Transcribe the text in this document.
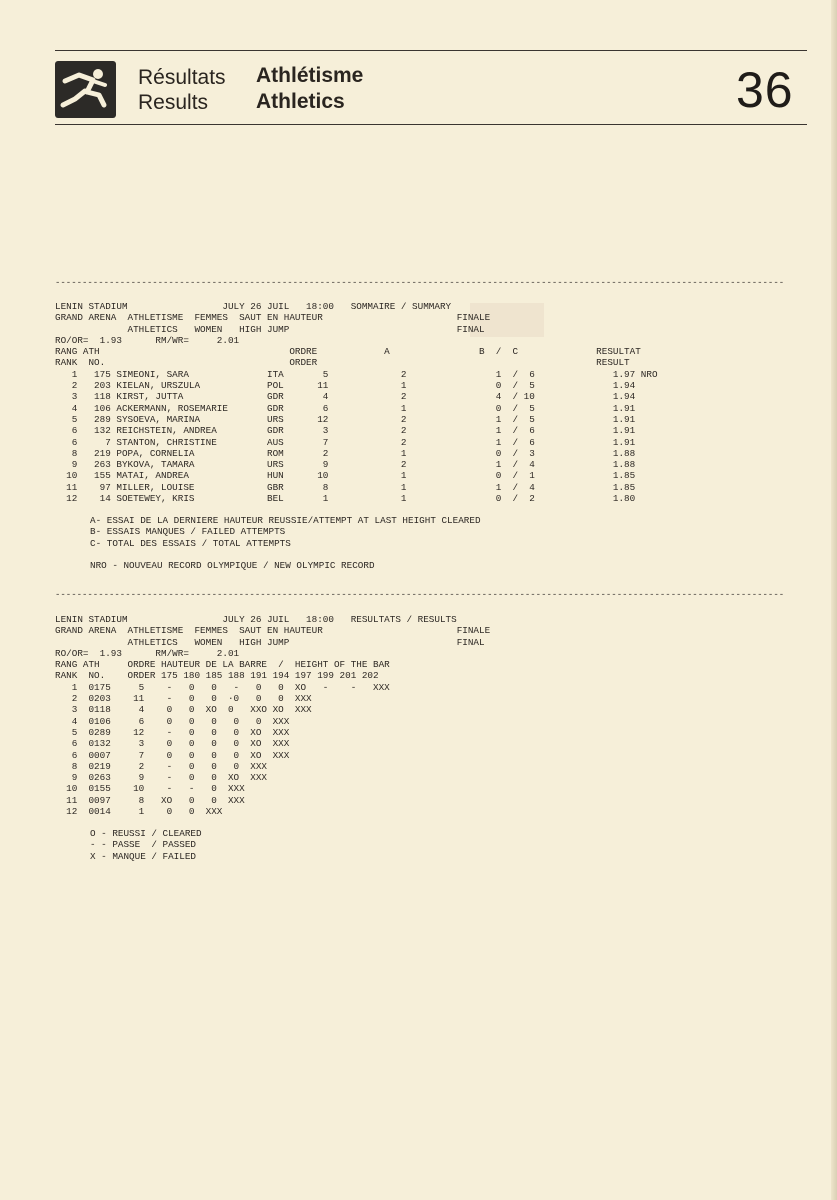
Résultats
Results
Athlétisme
Athletics	36
---------------------------------------------------------------------------------------------------------------------------------------
LENIN STADIUM                 JULY 26 JUIL   18:00   SOMMAIRE / SUMMARY
GRAND ARENA  ATHLETISME  FEMMES  SAUT EN HAUTEUR                        FINALE
ATHLETICS   WOMEN   HIGH JUMP                              FINAL
RO/OR=  1.93      RM/WR=     2.01
RANG ATH                                  ORDRE            A                B  /  C              RESULTAT
RANK  NO.                                 ORDER                                                  RESULT
1   175 SIMEONI, SARA              ITA       5             2                1  /  6              1.97 NRO
2   203 KIELAN, URSZULA            POL      11             1                0  /  5              1.94
3   118 KIRST, JUTTA               GDR       4             2                4  / 10              1.94
4   106 ACKERMANN, ROSEMARIE       GDR       6             1                0  /  5              1.91
5   289 SYSOEVA, MARINA            URS      12             2                1  /  5              1.91
6   132 REICHSTEIN, ANDREA         GDR       3             2                1  /  6              1.91
6     7 STANTON, CHRISTINE         AUS       7             2                1  /  6              1.91
8   219 POPA, CORNELIA             ROM       2             1                0  /  3              1.88
9   263 BYKOVA, TAMARA             URS       9             2                1  /  4              1.88
10   155 MATAI, ANDREA              HUN      10             1                0  /  1              1.85
11    97 MILLER, LOUISE             GBR       8             1                1  /  4              1.85
12    14 SOETEWEY, KRIS             BEL       1             1                0  /  2              1.80
A- ESSAI DE LA DERNIERE HAUTEUR REUSSIE/ATTEMPT AT LAST HEIGHT CLEARED
B- ESSAIS MANQUES / FAILED ATTEMPTS
C- TOTAL DES ESSAIS / TOTAL ATTEMPTS

NRO - NOUVEAU RECORD OLYMPIQUE / NEW OLYMPIC RECORD
---------------------------------------------------------------------------------------------------------------------------------------
LENIN STADIUM                 JULY 26 JUIL   18:00   RESULTATS / RESULTS
GRAND ARENA  ATHLETISME  FEMMES  SAUT EN HAUTEUR                        FINALE
ATHLETICS   WOMEN   HIGH JUMP                              FINAL
RO/OR=  1.93      RM/WR=     2.01
RANG ATH     ORDRE HAUTEUR DE LA BARRE  /  HEIGHT OF THE BAR
RANK  NO.    ORDER 175 180 185 188 191 194 197 199 201 202
1  0175     5    -   0   0   -   0   0  XO   -    -   XXX
2  0203    11    -   0   0  ·0   0   0  XXX
3  0118     4    0   0  XO  0   XXO XO  XXX
4  0106     6    0   0   0   0   0  XXX
5  0289    12    -   0   0   0  XO  XXX
6  0132     3    0   0   0   0  XO  XXX
6  0007     7    0   0   0   0  XO  XXX
8  0219     2    -   0   0   0  XXX
9  0263     9    -   0   0  XO  XXX
10  0155    10    -   -   0  XXX
11  0097     8   XO   0   0  XXX
12  0014     1    0   0  XXX
O - REUSSI / CLEARED
- - PASSE  / PASSED
X - MANQUE / FAILED
